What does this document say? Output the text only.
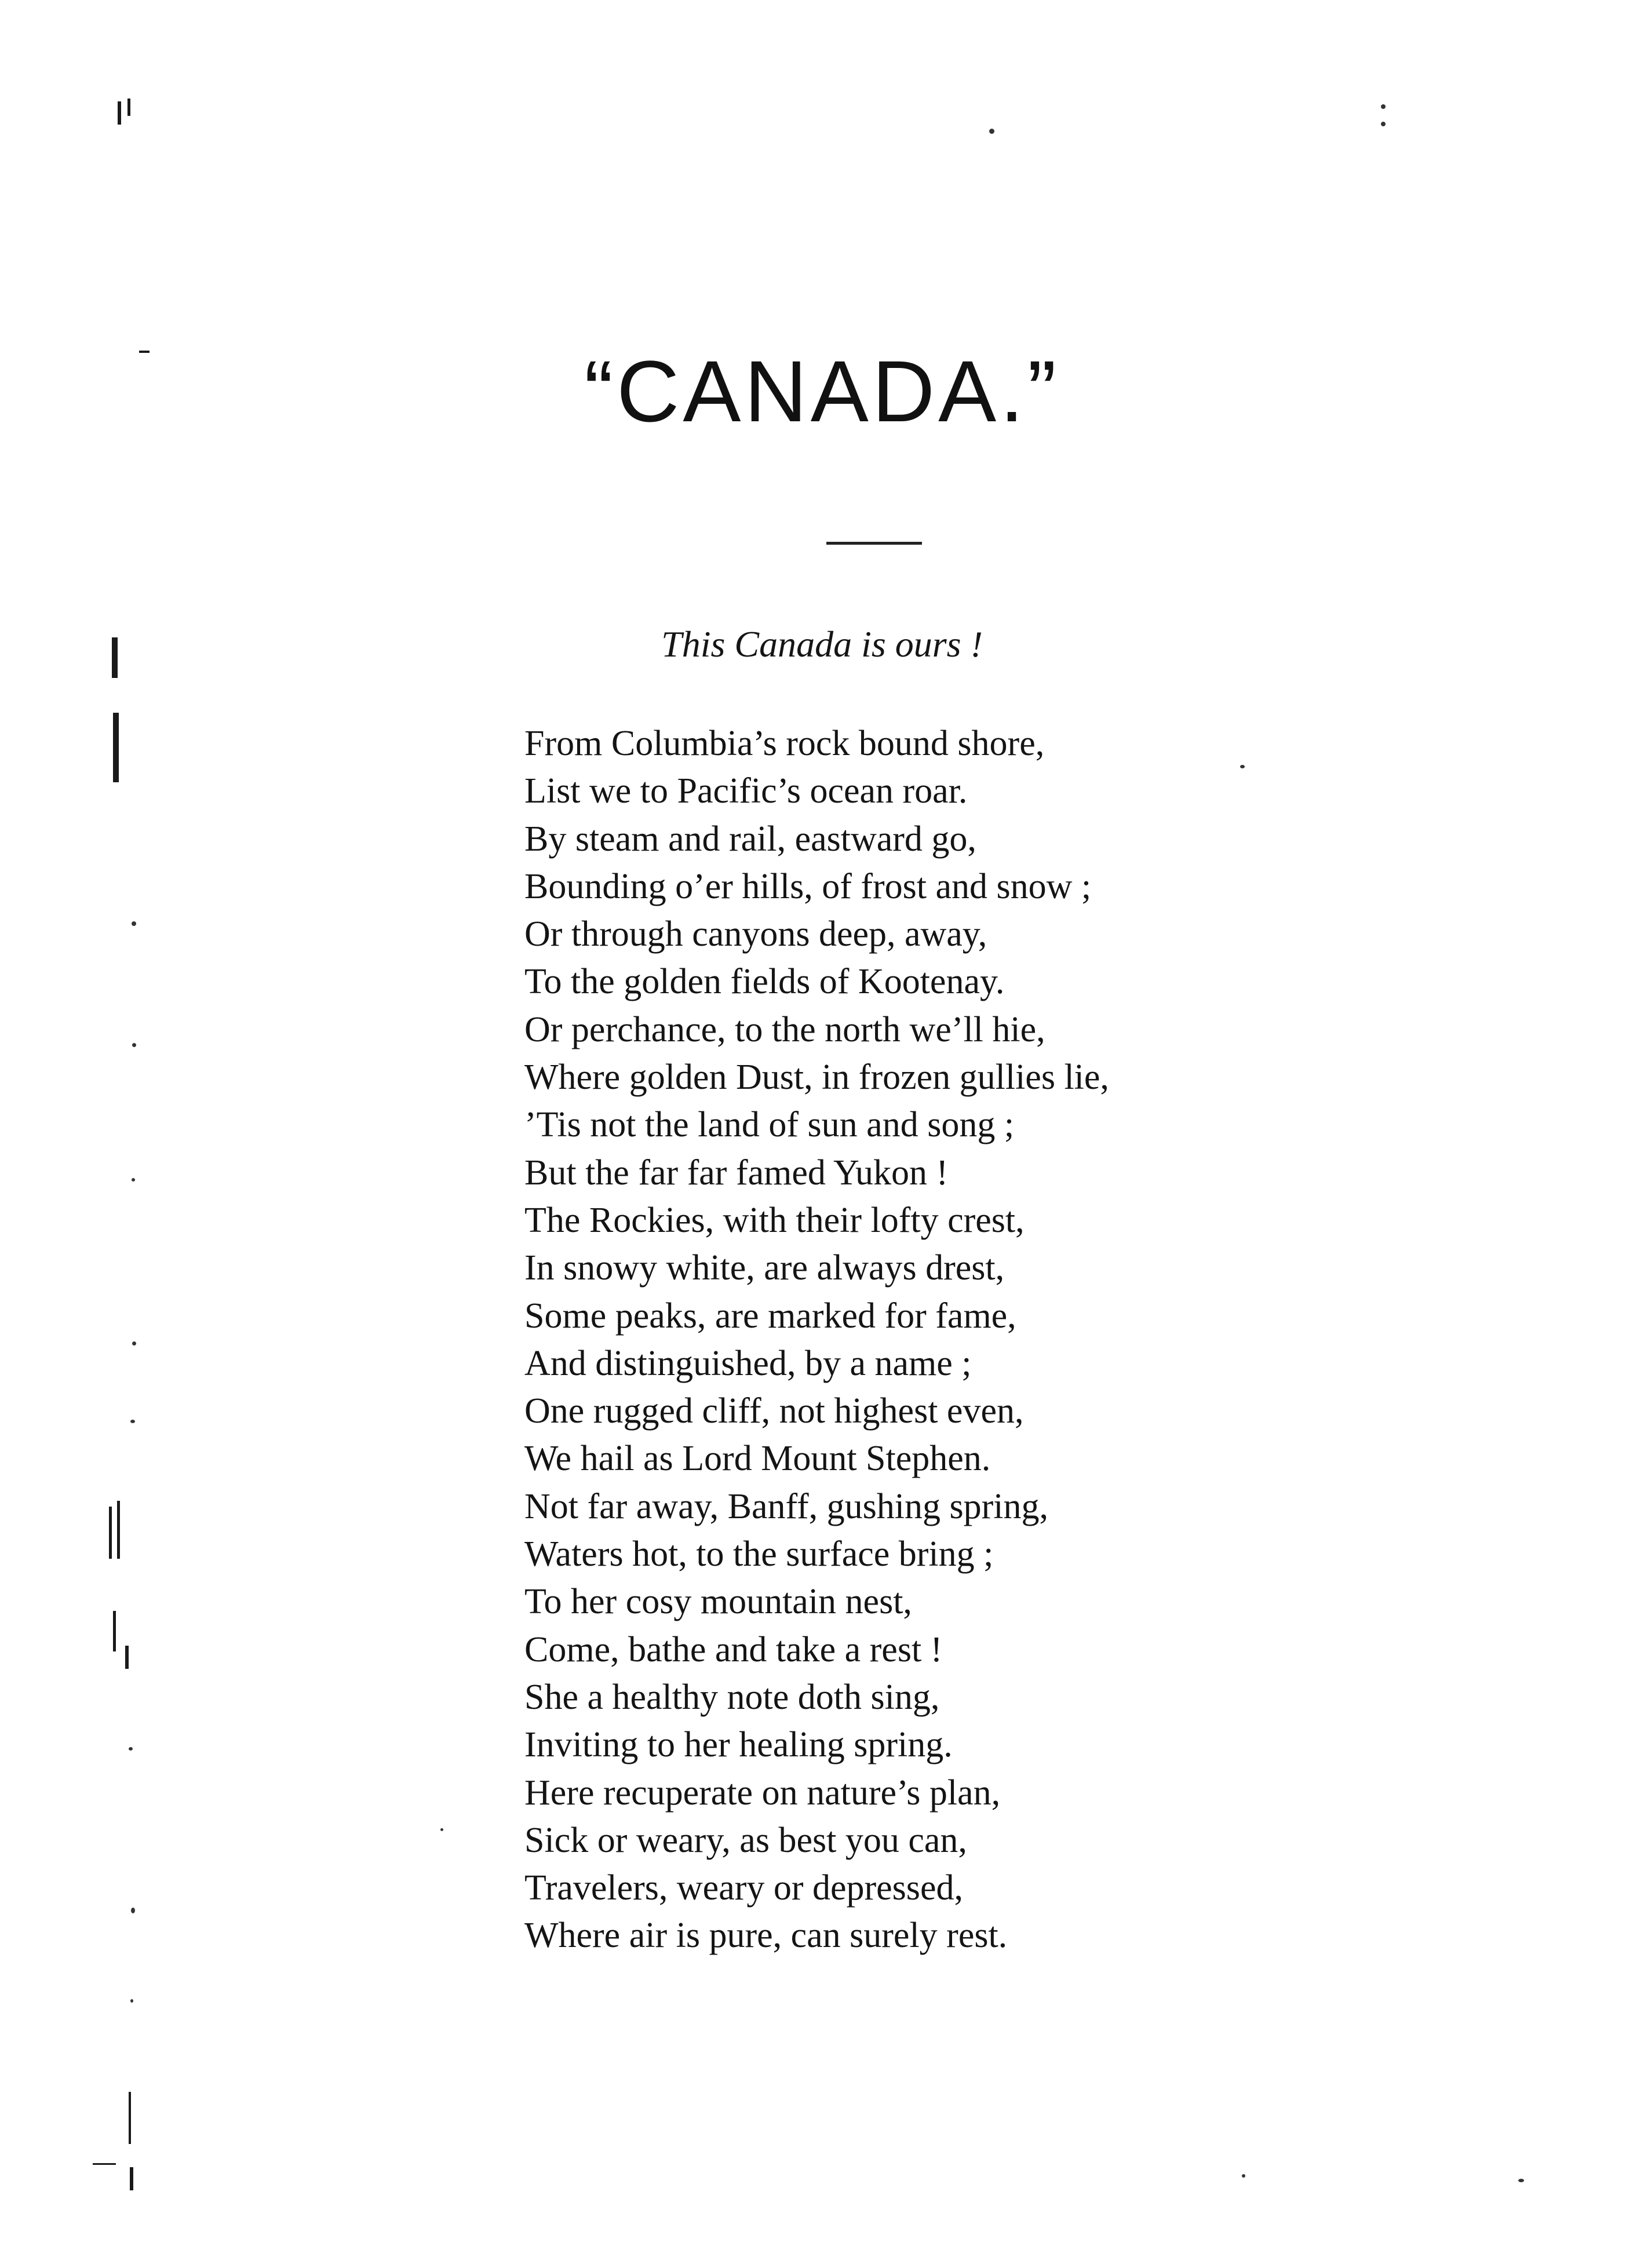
“CANADA.”
This Canada is ours !
From Columbia’s rock bound shore,
List we to Pacific’s ocean roar.
By steam and rail, eastward go,
Bounding o’er hills, of frost and snow ;
Or through canyons deep, away,
To the golden fields of Kootenay.
Or perchance, to the north we’ll hie,
Where golden Dust, in frozen gullies lie,
’Tis not the land of sun and song ;
But the far far famed Yukon !
The Rockies, with their lofty crest,
In snowy white, are always drest,
Some peaks, are marked for fame,
And distinguished, by a name ;
One rugged cliff, not highest even,
We hail as Lord Mount Stephen.
Not far away, Banff, gushing spring,
Waters hot, to the surface bring ;
To her cosy mountain nest,
Come, bathe and take a rest !
She a healthy note doth sing,
Inviting to her healing spring.
Here recuperate on nature’s plan,
Sick or weary, as best you can,
Travelers, weary or depressed,
Where air is pure, can surely rest.
